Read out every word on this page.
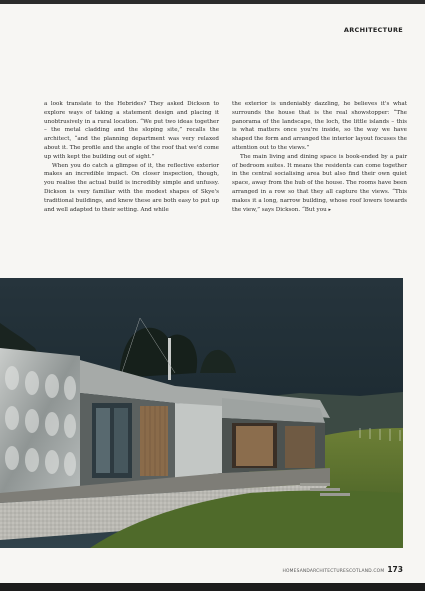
ARCHITECTURE

a look translate to the Hebrides? They asked Dickson to explore ways of taking a statement design and placing it unobtrusively in a rural location. “We put two ideas together – the metal cladding and the sloping site,” recalls the architect, “and the planning department was very relaxed about it. The profile and the angle of the roof that we'd come up with kept the building out of sight.”

When you do catch a glimpse of it, the reflective exterior makes an incredible impact. On closer inspection, though, you realise the actual build is incredibly simple and unfussy. Dickson is very familiar with the modest shapes of Skye's traditional buildings, and knew these are both easy to put up and well adapted to their setting. And while

the exterior is undeniably dazzling, he believes it's what surrounds the house that is the real showstopper: “The panorama of the landscape, the loch, the little islands – this is what matters once you're inside, so the way we have shaped the form and arranged the interior layout focuses the attention out to the views.”

The main living and dining space is book-ended by a pair of bedroom suites. It means the residents can come together in the central socialising area but also find their own quiet space, away from the hub of the house. The rooms have been arranged in a row so that they all capture the views. “This makes it a long, narrow building, whose roof lowers towards the view,” says Dickson. “But you ▸

HOMESANDARCHITECTURESCOTLAND.COM 173
